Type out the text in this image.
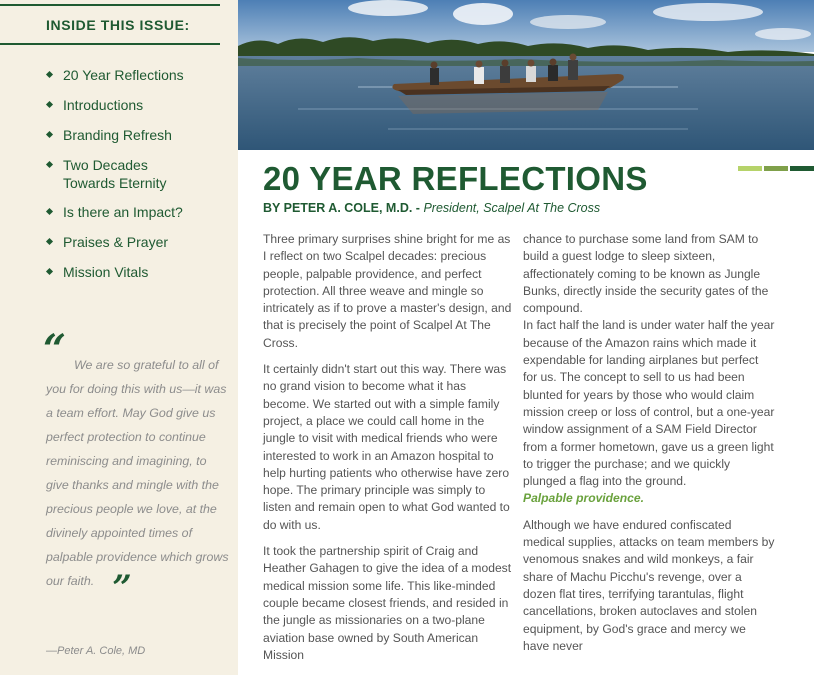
INSIDE THIS ISSUE:
20 Year Reflections
Introductions
Branding Refresh
Two Decades
Towards Eternity
Is there an Impact?
Praises & Prayer
Mission Vitals
“ We are so grateful to all of you for doing this with us—it was a team effort. May God give us perfect protection to continue reminiscing and imagining, to give thanks and mingle with the precious people we love, at the divinely appointed times of palpable providence which grows our faith. ”
—Peter A. Cole, MD
20 YEAR REFLECTIONS
BY PETER A. COLE, M.D. - President, Scalpel At The Cross

Three primary surprises shine bright for me as I reflect on two Scalpel decades: precious people, palpable providence, and perfect protection. All three weave and mingle so intricately as if to prove a master's design, and that is precisely the point of Scalpel At The Cross.

It certainly didn't start out this way. There was no grand vision to become what it has become. We started out with a simple family project, a place we could call home in the jungle to visit with medical friends who were interested to work in an Amazon hospital to help hurting patients who otherwise have zero hope. The primary principle was simply to listen and remain open to what God wanted to do with us.

It took the partnership spirit of Craig and Heather Gahagen to give the idea of a modest medical mission some life. This like-minded couple became closest friends, and resided in the jungle as missionaries on a two-plane aviation base owned by South American Mission

chance to purchase some land from SAM to build a guest lodge to sleep sixteen, affectionately coming to be known as Jungle Bunks, directly inside the security gates of the compound.

In fact half the land is under water half the year because of the Amazon rains which made it expendable for landing airplanes but perfect for us. The concept to sell to us had been blunted for years by those who would claim mission creep or loss of control, but a one-year window assignment of a SAM Field Director from a former hometown, gave us a green light to trigger the purchase; and we quickly plunged a flag into the ground.

Palpable providence.

Although we have endured confiscated medical supplies, attacks on team members by venomous snakes and wild monkeys, a fair share of Machu Picchu's revenge, over a dozen flat tires, terrifying tarantulas, flight cancellations, broken autoclaves and stolen equipment, by God's grace and mercy we have never
